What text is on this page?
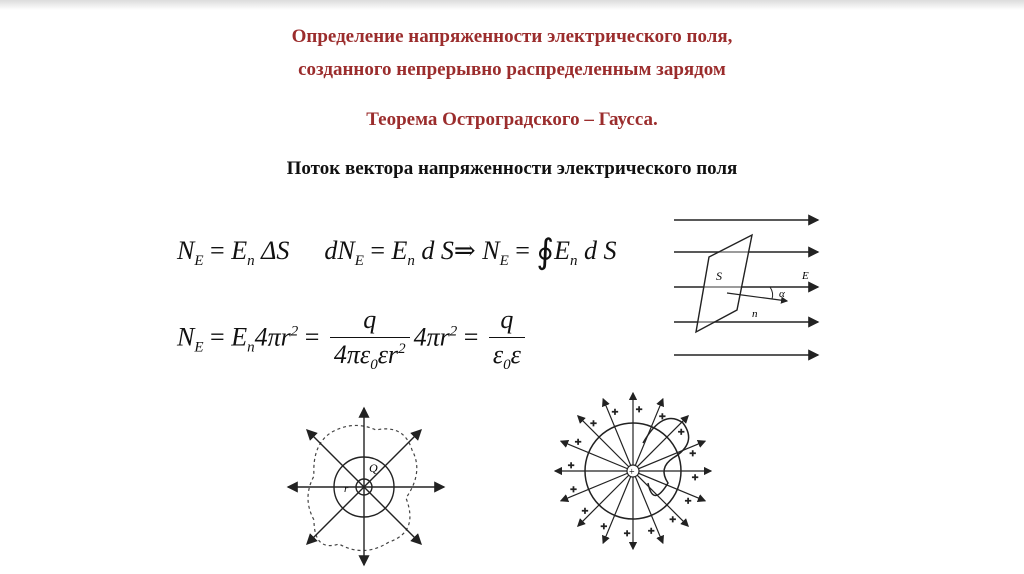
Определение напряженности электрического поля,
созданного непрерывно распределенным зарядом
Теорема Остроградского – Гаусса.
Поток вектора напряженности электрического поля
$N_E = E_n$ ΔS $dN_E = E_n$ d S⇒ $N_E$ = $∮E_n$ d S
$N_E = E_n4\pi r^2 = \frac{q}{4\pi\varepsilon_0\varepsilon r^2} 4\pi r^2 = \frac{q}{\varepsilon_0\varepsilon}$
S	E
α
n
Q
r
+
+
+
+
+
+
+
+
+
+
+
+ +
+
+
+
+
